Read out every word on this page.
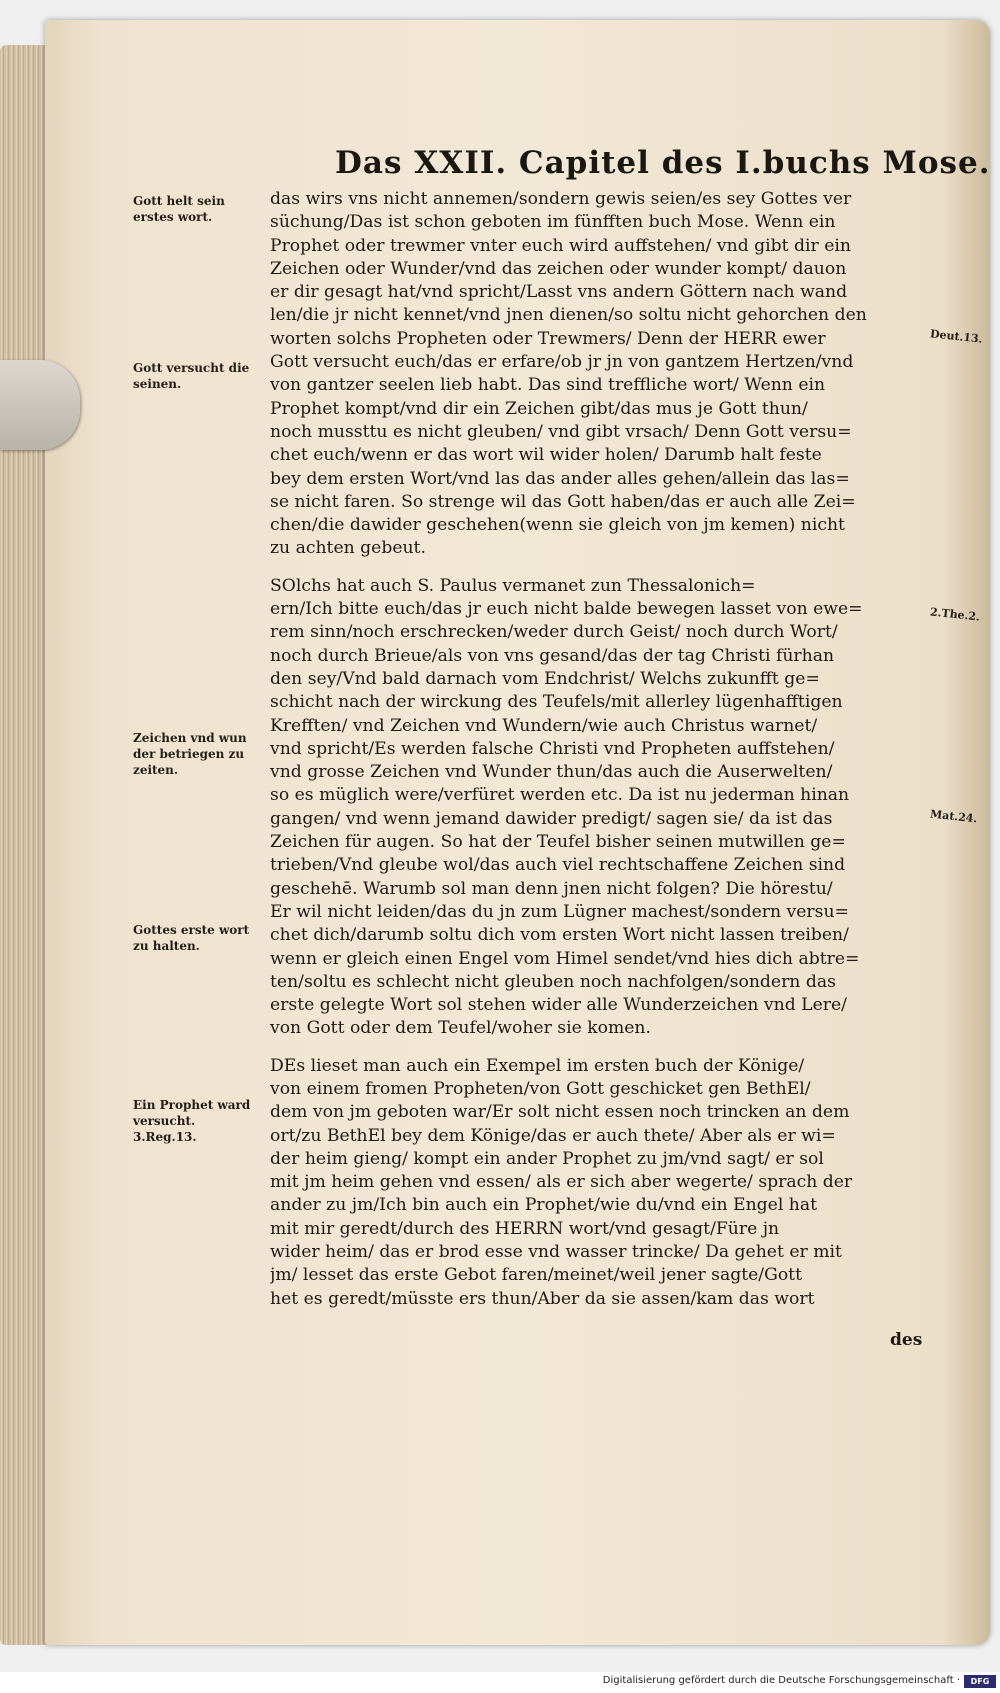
Das XXII. Capitel des I.buchs Mose.
Gott helt sein erstes wort.
Gott versucht die seinen.
Zeichen vnd wun der betriegen zu zeiten.
Gottes erste wort zu halten.
Ein Prophet ward versucht. 3.Reg.13.
Deut.13.
2.The.2.
Mat.24.
das wirs vns nicht annemen/sondern gewis seien/es sey Gottes ver
süchung/Das ist schon geboten im fünfften buch Mose. Wenn ein
Prophet oder trewmer vnter euch wird auffstehen/ vnd gibt dir ein
Zeichen oder Wunder/vnd das zeichen oder wunder kompt/ dauon
er dir gesagt hat/vnd spricht/Lasst vns andern Göttern nach wand
len/die jr nicht kennet/vnd jnen dienen/so soltu nicht gehorchen den
worten solchs Propheten oder Trewmers/ Denn der HERR ewer
Gott versucht euch/das er erfare/ob jr jn von gantzem Hertzen/vnd
von gantzer seelen lieb habt. Das sind treffliche wort/ Wenn ein
Prophet kompt/vnd dir ein Zeichen gibt/das mus je Gott thun/
noch mussttu es nicht gleuben/ vnd gibt vrsach/ Denn Gott versu=
chet euch/wenn er das wort wil wider holen/ Darumb halt feste
bey dem ersten Wort/vnd las das ander alles gehen/allein das las=
se nicht faren. So strenge wil das Gott haben/das er auch alle Zei=
chen/die dawider geschehen(wenn sie gleich von jm kemen) nicht
zu achten gebeut.
SOlchs hat auch S. Paulus vermanet zun Thessalonich=
ern/Ich bitte euch/das jr euch nicht balde bewegen lasset von ewe=
rem sinn/noch erschrecken/weder durch Geist/ noch durch Wort/
noch durch Brieue/als von vns gesand/das der tag Christi fürhan
den sey/Vnd bald darnach vom Endchrist/ Welchs zukunfft ge=
schicht nach der wirckung des Teufels/mit allerley lügenhafftigen
Krefften/ vnd Zeichen vnd Wundern/wie auch Christus warnet/
vnd spricht/Es werden falsche Christi vnd Propheten auffstehen/
vnd grosse Zeichen vnd Wunder thun/das auch die Auserwelten/
so es müglich were/verfüret werden etc. Da ist nu jederman hinan
gangen/ vnd wenn jemand dawider predigt/ sagen sie/ da ist das
Zeichen für augen. So hat der Teufel bisher seinen mutwillen ge=
trieben/Vnd gleube wol/das auch viel rechtschaffene Zeichen sind
geschehē. Warumb sol man denn jnen nicht folgen? Die hörestu/
Er wil nicht leiden/das du jn zum Lügner machest/sondern versu=
chet dich/darumb soltu dich vom ersten Wort nicht lassen treiben/
wenn er gleich einen Engel vom Himel sendet/vnd hies dich abtre=
ten/soltu es schlecht nicht gleuben noch nachfolgen/sondern das
erste gelegte Wort sol stehen wider alle Wunderzeichen vnd Lere/
von Gott oder dem Teufel/woher sie komen.
DEs lieset man auch ein Exempel im ersten buch der Könige/
von einem fromen Propheten/von Gott geschicket gen BethEl/
dem von jm geboten war/Er solt nicht essen noch trincken an dem
ort/zu BethEl bey dem Könige/das er auch thete/ Aber als er wi=
der heim gieng/ kompt ein ander Prophet zu jm/vnd sagt/ er sol
mit jm heim gehen vnd essen/ als er sich aber wegerte/ sprach der
ander zu jm/Ich bin auch ein Prophet/wie du/vnd ein Engel hat
mit mir geredt/durch des HERRN wort/vnd gesagt/Füre jn
wider heim/ das er brod esse vnd wasser trincke/ Da gehet er mit
jm/ lesset das erste Gebot faren/meinet/weil jener sagte/Gott
het es geredt/müsste ers thun/Aber da sie assen/kam das wort
des
Digitalisierung gefördert durch die Deutsche Forschungsgemeinschaft ·	DFG
